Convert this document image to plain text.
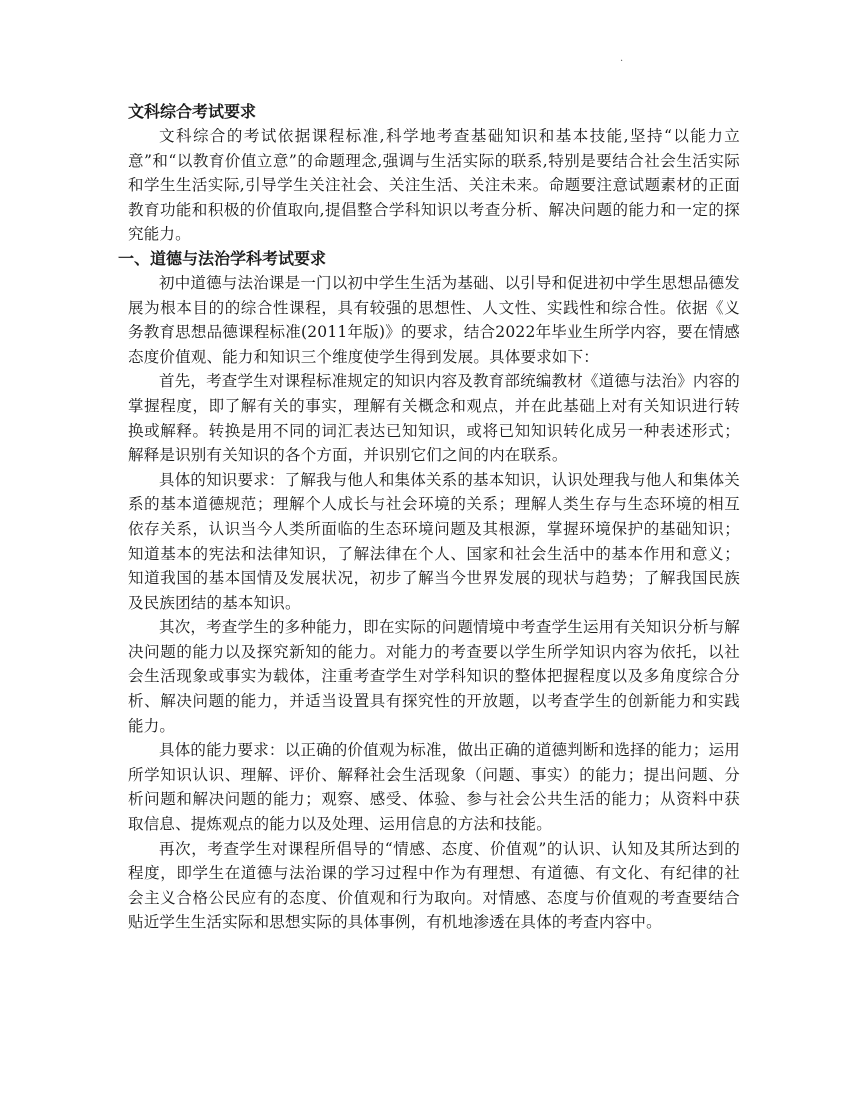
·
文科综合考试要求

文科综合的考试依据课程标准,科学地考查基础知识和基本技能,坚持“以能力立意”和“以教育价值立意”的命题理念,强调与生活实际的联系,特别是要结合社会生活实际和学生生活实际,引导学生关注社会、关注生活、关注未来。命题要注意试题素材的正面教育功能和积极的价值取向,提倡整合学科知识以考查分析、解决问题的能力和一定的探究能力。

一、道德与法治学科考试要求

初中道德与法治课是一门以初中学生生活为基础、以引导和促进初中学生思想品德发展为根本目的的综合性课程，具有较强的思想性、人文性、实践性和综合性。依据《义务教育思想品德课程标准(2011年版)》的要求，结合2022年毕业生所学内容，要在情感态度价值观、能力和知识三个维度使学生得到发展。具体要求如下：

首先，考查学生对课程标准规定的知识内容及教育部统编教材《道德与法治》内容的掌握程度，即了解有关的事实，理解有关概念和观点，并在此基础上对有关知识进行转换或解释。转换是用不同的词汇表达已知知识，或将已知知识转化成另一种表述形式；解释是识别有关知识的各个方面，并识别它们之间的内在联系。

具体的知识要求：了解我与他人和集体关系的基本知识，认识处理我与他人和集体关系的基本道德规范；理解个人成长与社会环境的关系；理解人类生存与生态环境的相互依存关系，认识当今人类所面临的生态环境问题及其根源，掌握环境保护的基础知识；知道基本的宪法和法律知识，了解法律在个人、国家和社会生活中的基本作用和意义；知道我国的基本国情及发展状况，初步了解当今世界发展的现状与趋势；了解我国民族及民族团结的基本知识。

其次，考查学生的多种能力，即在实际的问题情境中考查学生运用有关知识分析与解决问题的能力以及探究新知的能力。对能力的考查要以学生所学知识内容为依托，以社会生活现象或事实为载体，注重考查学生对学科知识的整体把握程度以及多角度综合分析、解决问题的能力，并适当设置具有探究性的开放题，以考查学生的创新能力和实践能力。

具体的能力要求：以正确的价值观为标准，做出正确的道德判断和选择的能力；运用所学知识认识、理解、评价、解释社会生活现象（问题、事实）的能力；提出问题、分析问题和解决问题的能力；观察、感受、体验、参与社会公共生活的能力；从资料中获取信息、提炼观点的能力以及处理、运用信息的方法和技能。

再次，考查学生对课程所倡导的“情感、态度、价值观”的认识、认知及其所达到的程度，即学生在道德与法治课的学习过程中作为有理想、有道德、有文化、有纪律的社会主义合格公民应有的态度、价值观和行为取向。对情感、态度与价值观的考查要结合贴近学生生活实际和思想实际的具体事例，有机地渗透在具体的考查内容中。
